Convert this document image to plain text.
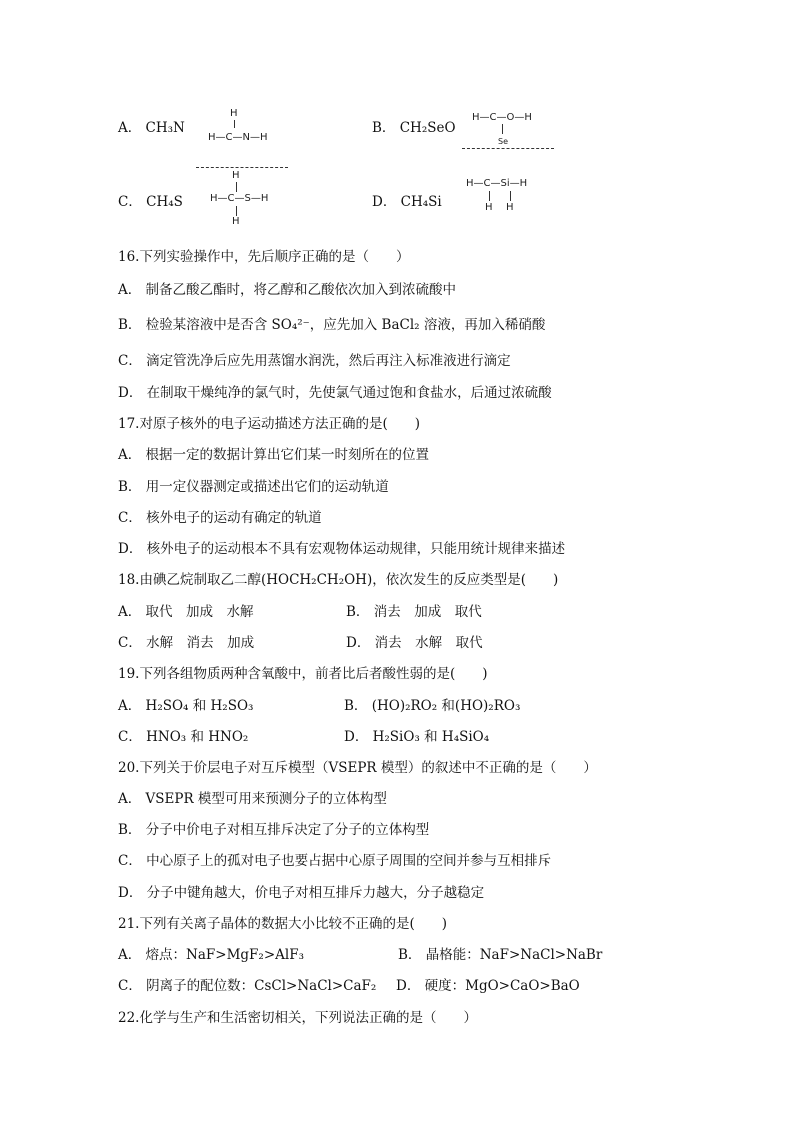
A． CH₃N
H
H—C—N—H
B． CH₂SeO
H—C—O—H
Se
C． CH₄S
H
H—C—S—H
H
D． CH₄Si
H—C—Si—H
H H
16.下列实验操作中，先后顺序正确的是（　　）
A． 制备乙酸乙酯时，将乙醇和乙酸依次加入到浓硫酸中
B． 检验某溶液中是否含 SO₄²⁻，应先加入 BaCl₂ 溶液，再加入稀硝酸
C． 滴定管洗净后应先用蒸馏水润洗，然后再注入标准液进行滴定
D． 在制取干燥纯净的氯气时，先使氯气通过饱和食盐水，后通过浓硫酸
17.对原子核外的电子运动描述方法正确的是(　　)
A． 根据一定的数据计算出它们某一时刻所在的位置
B． 用一定仪器测定或描述出它们的运动轨道
C． 核外电子的运动有确定的轨道
D． 核外电子的运动根本不具有宏观物体运动规律，只能用统计规律来描述
18.由碘乙烷制取乙二醇(HOCH₂CH₂OH)，依次发生的反应类型是(　　)
A． 取代　加成　水解	B． 消去　加成　取代
C． 水解　消去　加成	D． 消去　水解　取代
19.下列各组物质两种含氧酸中，前者比后者酸性弱的是(　　)
A． H₂SO₄ 和 H₂SO₃	B． (HO)₂RO₂ 和(HO)₂RO₃
C． HNO₃ 和 HNO₂	D． H₂SiO₃ 和 H₄SiO₄
20.下列关于价层电子对互斥模型（VSEPR 模型）的叙述中不正确的是（　　）
A． VSEPR 模型可用来预测分子的立体构型
B． 分子中价电子对相互排斥决定了分子的立体构型
C． 中心原子上的孤对电子也要占据中心原子周围的空间并参与互相排斥
D． 分子中键角越大，价电子对相互排斥力越大，分子越稳定
21.下列有关离子晶体的数据大小比较不正确的是(　　)
A． 熔点：NaF>MgF₂>AlF₃	B． 晶格能：NaF>NaCl>NaBr
C． 阴离子的配位数：CsCl>NaCl>CaF₂ D． 硬度：MgO>CaO>BaO
22.化学与生产和生活密切相关，下列说法正确的是（　　）
